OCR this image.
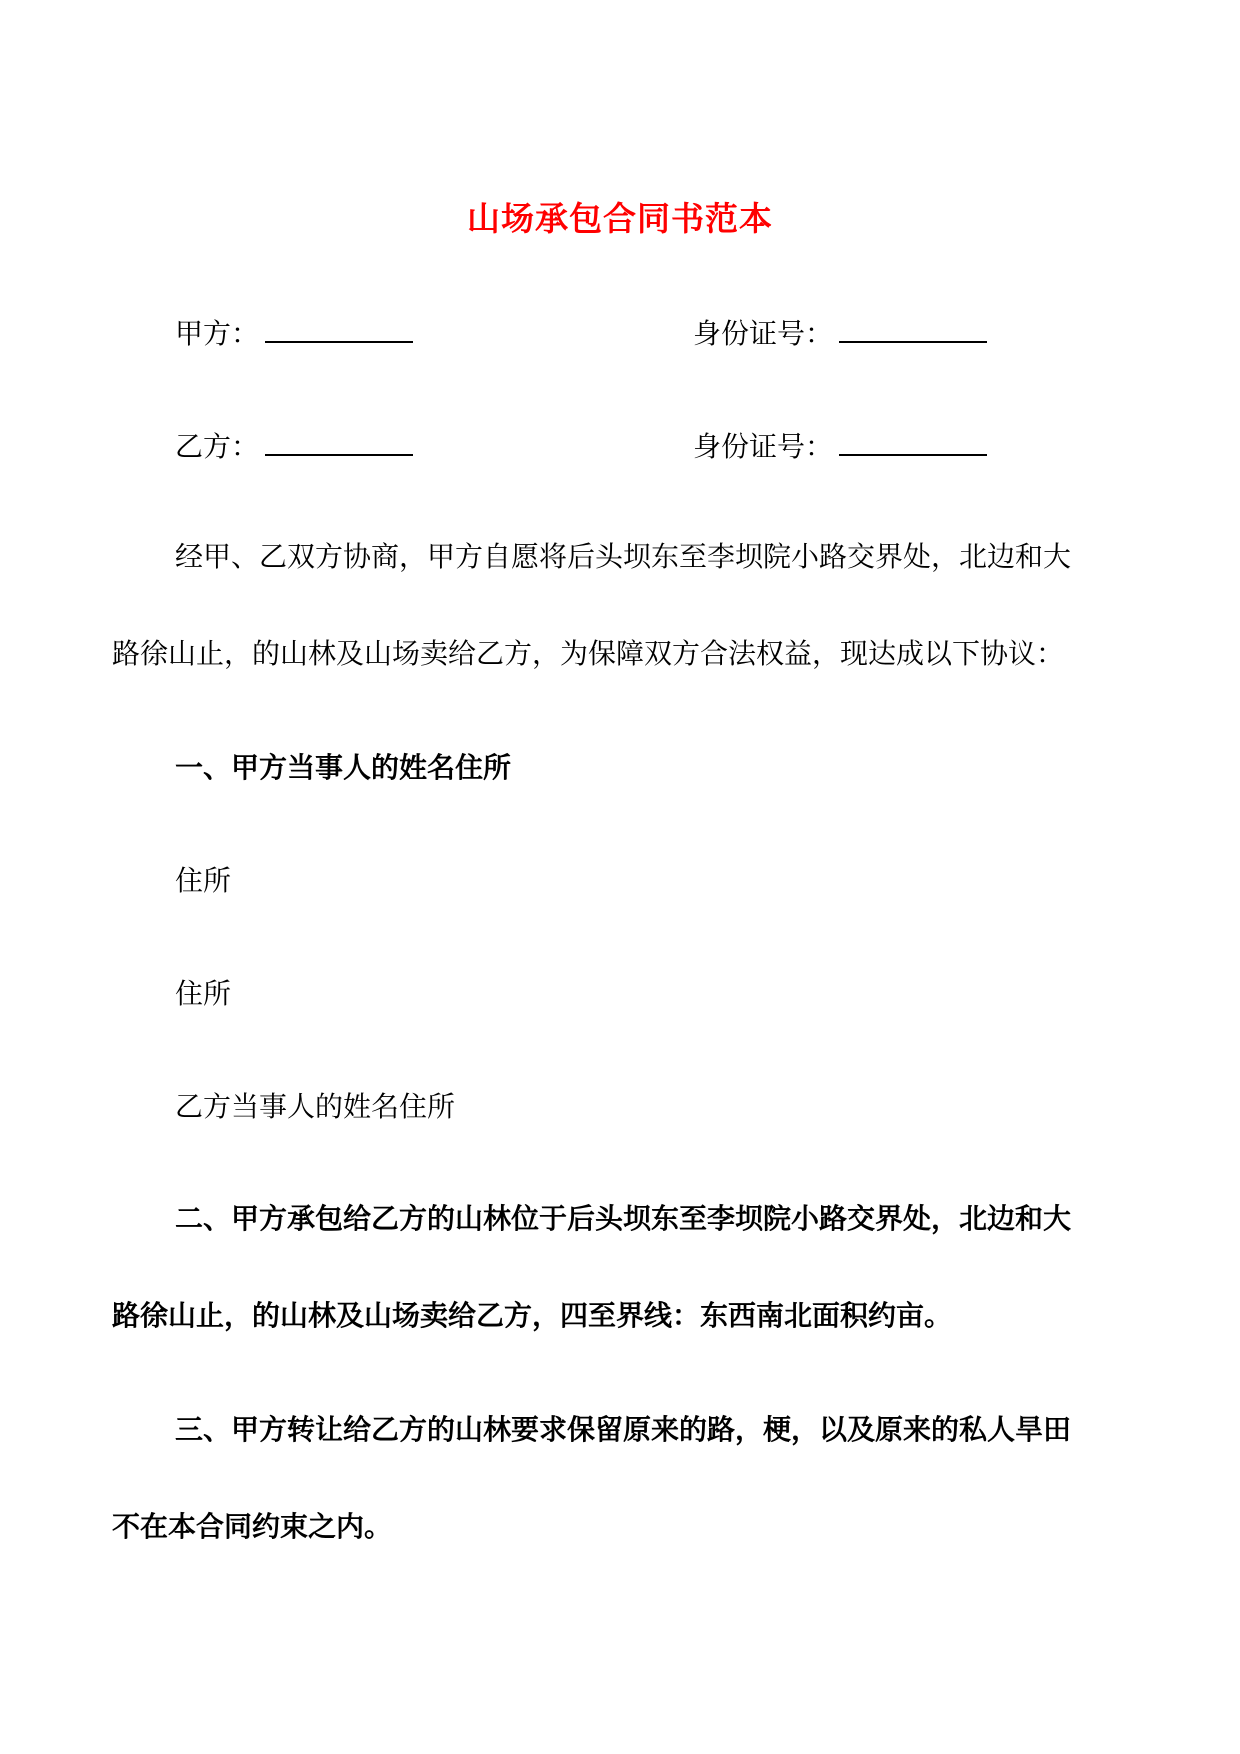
山场承包合同书范本
甲方：	身份证号：
乙方：	身份证号：
经甲、乙双方协商，甲方自愿将后头坝东至李坝院小路交界处，北边和大
路徐山止，的山林及山场卖给乙方，为保障双方合法权益，现达成以下协议：
一、甲方当事人的姓名住所
住所
住所
乙方当事人的姓名住所
二、甲方承包给乙方的山林位于后头坝东至李坝院小路交界处，北边和大
路徐山止，的山林及山场卖给乙方，四至界线：东西南北面积约亩。
三、甲方转让给乙方的山林要求保留原来的路，梗，以及原来的私人旱田
不在本合同约束之内。
